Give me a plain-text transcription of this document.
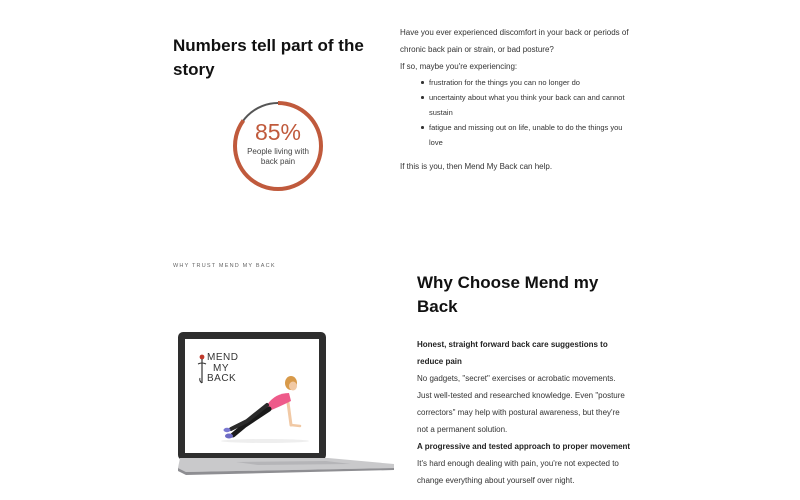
Numbers tell part of the story
85%
People living with back pain

Have you ever experienced discomfort in your back or periods of chronic back pain or strain, or bad posture?

If so, maybe you're experiencing:

frustration for the things you can no longer do
uncertainty about what you think your back can and cannot sustain
fatigue and missing out on life, unable to do the things you love

If this is you, then Mend My Back can help.

WHY TRUST MEND MY BACK
Why Choose Mend my Back

Honest, straight forward back care suggestions to reduce pain

No gadgets, "secret" exercises or acrobatic movements. Just well-tested and researched knowledge. Even "posture correctors" may help with postural awareness, but they're not a permanent solution.

A progressive and tested approach to proper movement

It's hard enough dealing with pain, you're not expected to change everything about yourself over night.

MEND
MY
BACK
